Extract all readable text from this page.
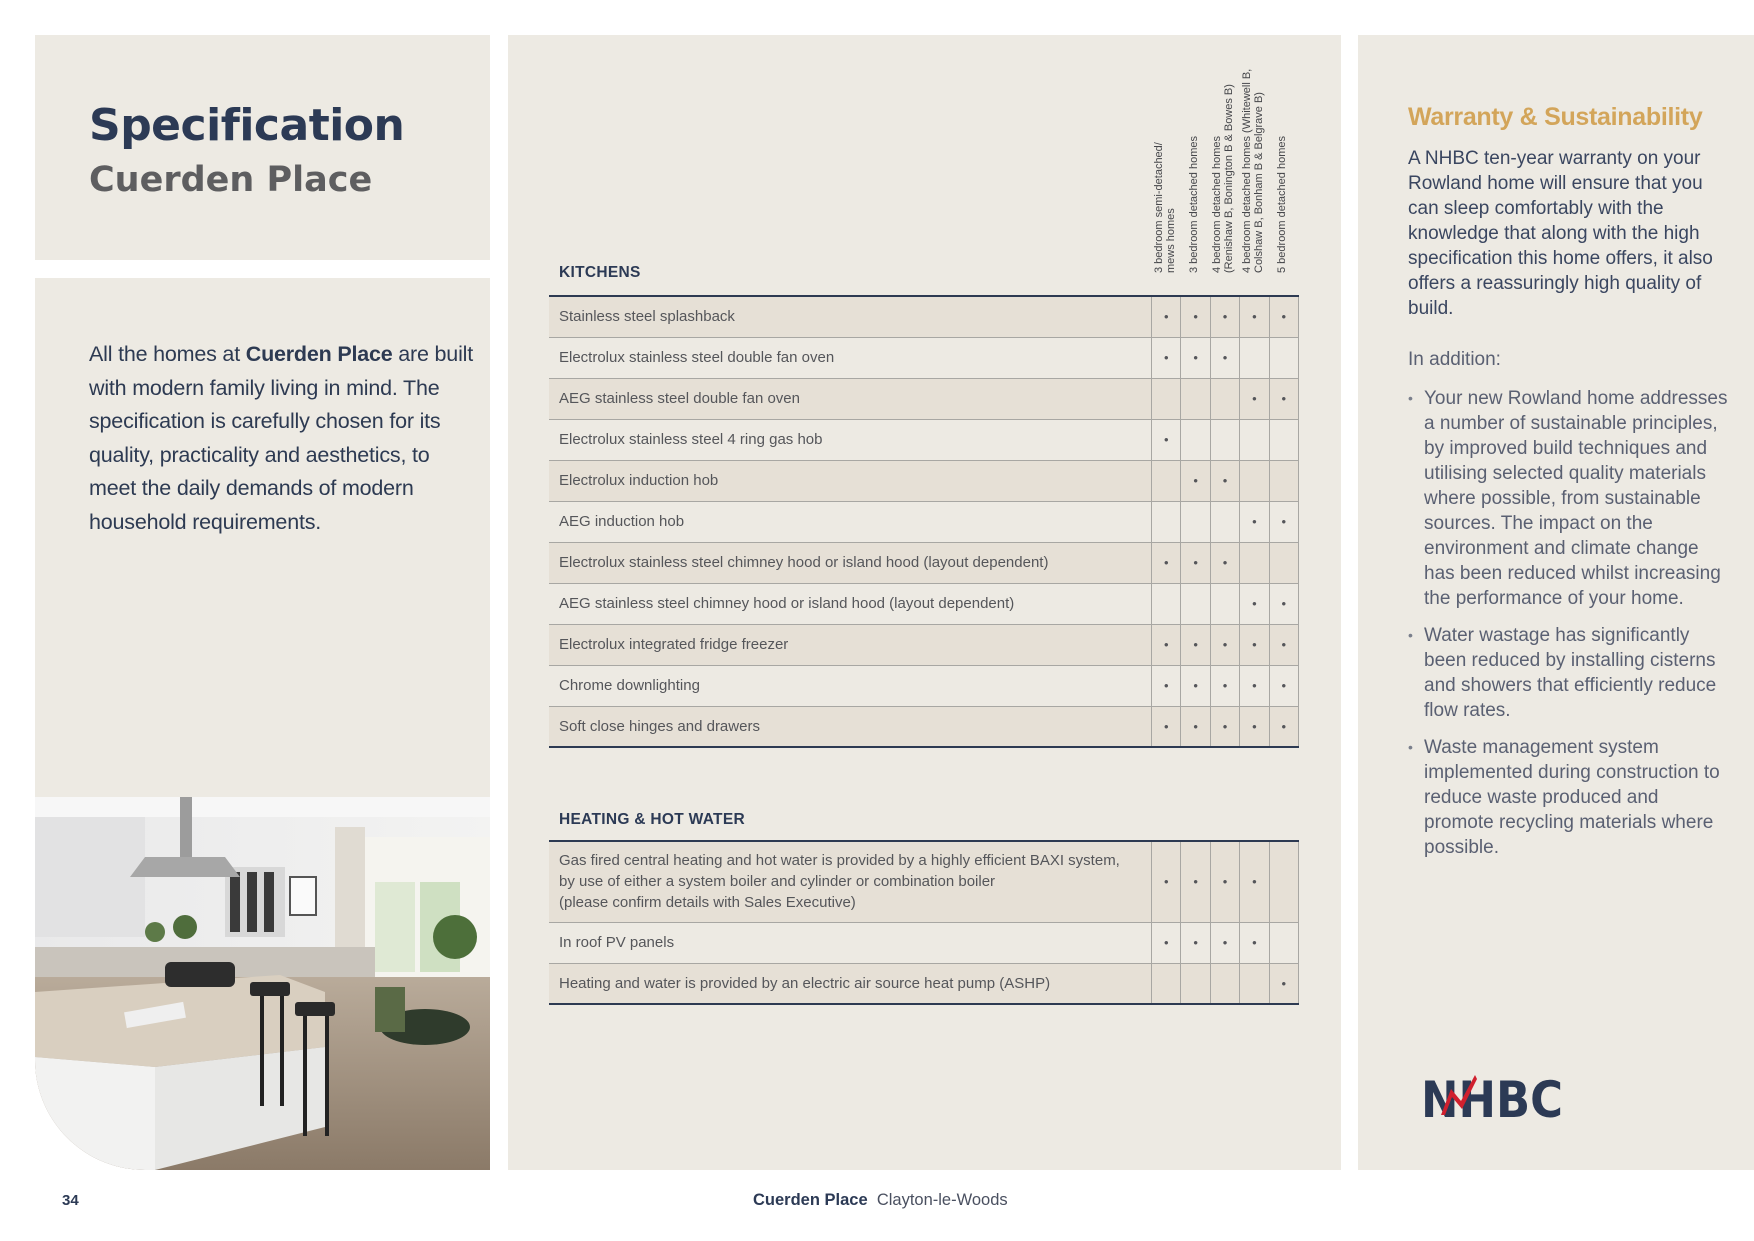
Specification
Cuerden Place

All the homes at Cuerden Place are built with modern family living in mind. The specification is carefully chosen for its quality, practicality and aesthetics, to meet the daily demands of modern household requirements.

3 bedroom semi-detached/ mews homes 3 bedroom detached homes 4 bedroom detached homes (Renishaw B, Bonington B & Bowes B) 4 bedroom detached homes (Whitewell B, Colshaw B, Bonham B & Belgrave B) 5 bedroom detached homes
KITCHENS
Stainless steel splashback	•	•	•	•	•
Electrolux stainless steel double fan oven	•	•	•		
AEG stainless steel double fan oven				•	•
Electrolux stainless steel 4 ring gas hob	•				
Electrolux induction hob		•	•		
AEG induction hob				•	•
Electrolux stainless steel chimney hood or island hood (layout dependent)	•	•	•		
AEG stainless steel chimney hood or island hood (layout dependent)				•	•
Electrolux integrated fridge freezer	•	•	•	•	•
Chrome downlighting	•	•	•	•	•
Soft close hinges and drawers	•	•	•	•	•
HEATING & HOT WATER
Gas fired central heating and hot water is provided by a highly efficient BAXI system,
by use of either a system boiler and cylinder or combination boiler
(please confirm details with Sales Executive)	•	•	•	•	
In roof PV panels	•	•	•	•	
Heating and water is provided by an electric air source heat pump (ASHP)					•
Warranty & Sustainability

A NHBC ten-year warranty on your Rowland home will ensure that you can sleep comfortably with the knowledge that along with the high specification this home offers, it also offers a reassuringly high quality of build.

In addition:
• Your new Rowland home addresses a number of sustainable principles, by improved build techniques and utilising selected quality materials where possible, from sustainable sources. The impact on the environment and climate change has been reduced whilst increasing the performance of your home.
• Water wastage has significantly been reduced by installing cisterns and showers that efficiently reduce flow rates.
• Waste management system implemented during construction to reduce waste produced and promote recycling materials where possible.
NHBC
34	Cuerden Place Clayton-le-Woods
